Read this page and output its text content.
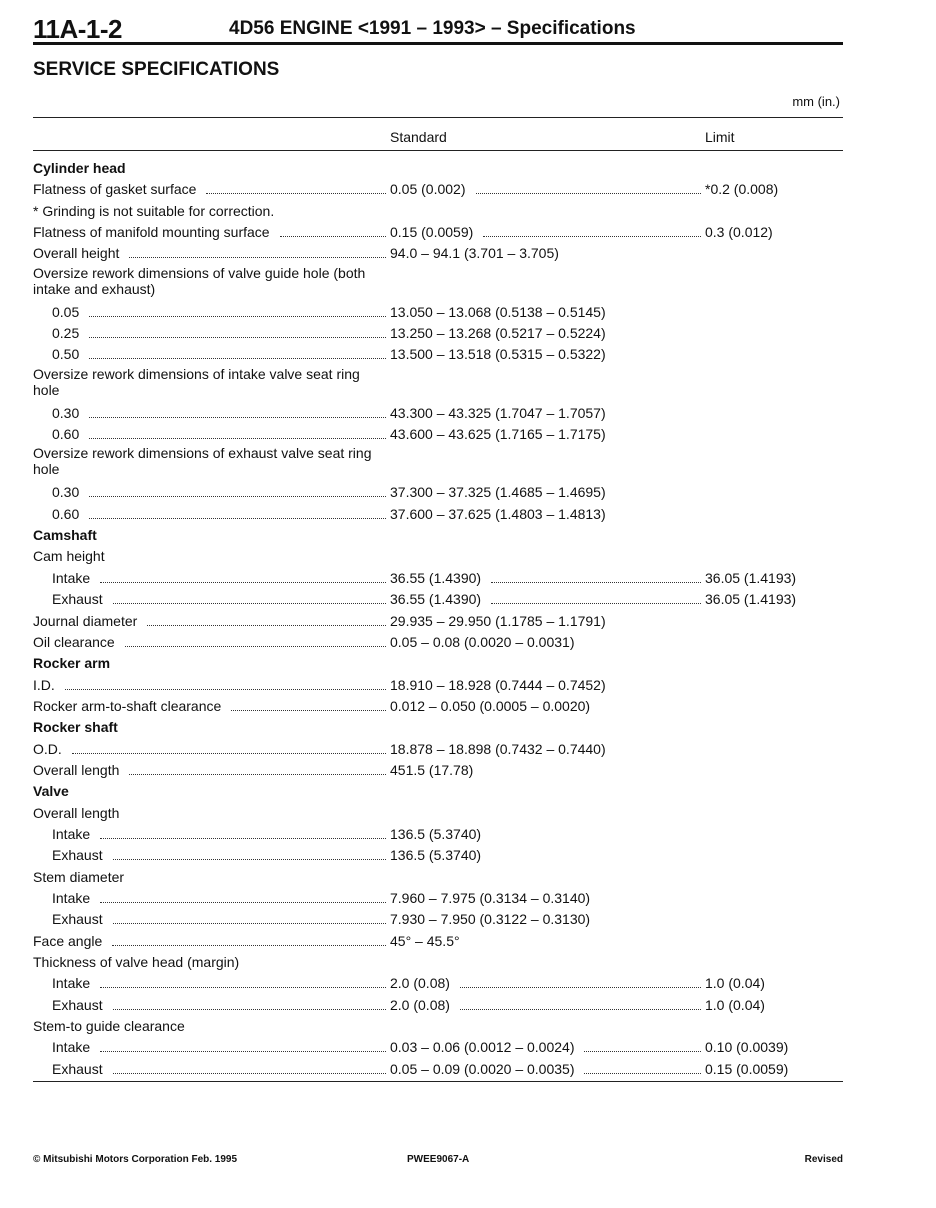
11A-1-2	4D56 ENGINE <1991 – 1993> – Specifications
SERVICE SPECIFICATIONS
mm (in.)
Standard	Limit
Cylinder head
Flatness of gasket surface	0.05 (0.002)	*0.2 (0.008)
* Grinding is not suitable for correction.
Flatness of manifold mounting surface	0.15 (0.0059)	0.3 (0.012)
Overall height	94.0 – 94.1 (3.701 – 3.705)
Oversize rework dimensions of valve guide hole (both intake and exhaust)
0.05	13.050 – 13.068 (0.5138 – 0.5145)
0.25	13.250 – 13.268 (0.5217 – 0.5224)
0.50	13.500 – 13.518 (0.5315 – 0.5322)
Oversize rework dimensions of intake valve seat ring hole
0.30	43.300 – 43.325 (1.7047 – 1.7057)
0.60	43.600 – 43.625 (1.7165 – 1.7175)
Oversize rework dimensions of exhaust valve seat ring hole
0.30	37.300 – 37.325 (1.4685 – 1.4695)
0.60	37.600 – 37.625 (1.4803 – 1.4813)
Camshaft
Cam height
Intake	36.55 (1.4390)	36.05 (1.4193)
Exhaust	36.55 (1.4390)	36.05 (1.4193)
Journal diameter	29.935 – 29.950 (1.1785 – 1.1791)
Oil clearance	0.05 – 0.08 (0.0020 – 0.0031)
Rocker arm
I.D.	18.910 – 18.928 (0.7444 – 0.7452)
Rocker arm-to-shaft clearance	0.012 – 0.050 (0.0005 – 0.0020)
Rocker shaft
O.D.	18.878 – 18.898 (0.7432 – 0.7440)
Overall length	451.5 (17.78)
Valve
Overall length
Intake	136.5 (5.3740)
Exhaust	136.5 (5.3740)
Stem diameter
Intake	7.960 – 7.975 (0.3134 – 0.3140)
Exhaust	7.930 – 7.950 (0.3122 – 0.3130)
Face angle	45° – 45.5°
Thickness of valve head (margin)
Intake	2.0 (0.08)	1.0 (0.04)
Exhaust	2.0 (0.08)	1.0 (0.04)
Stem-to guide clearance
Intake	0.03 – 0.06 (0.0012 – 0.0024)	0.10 (0.0039)
Exhaust	0.05 – 0.09 (0.0020 – 0.0035)	0.15 (0.0059)
© Mitsubishi Motors Corporation Feb. 1995	PWEE9067-A	Revised
